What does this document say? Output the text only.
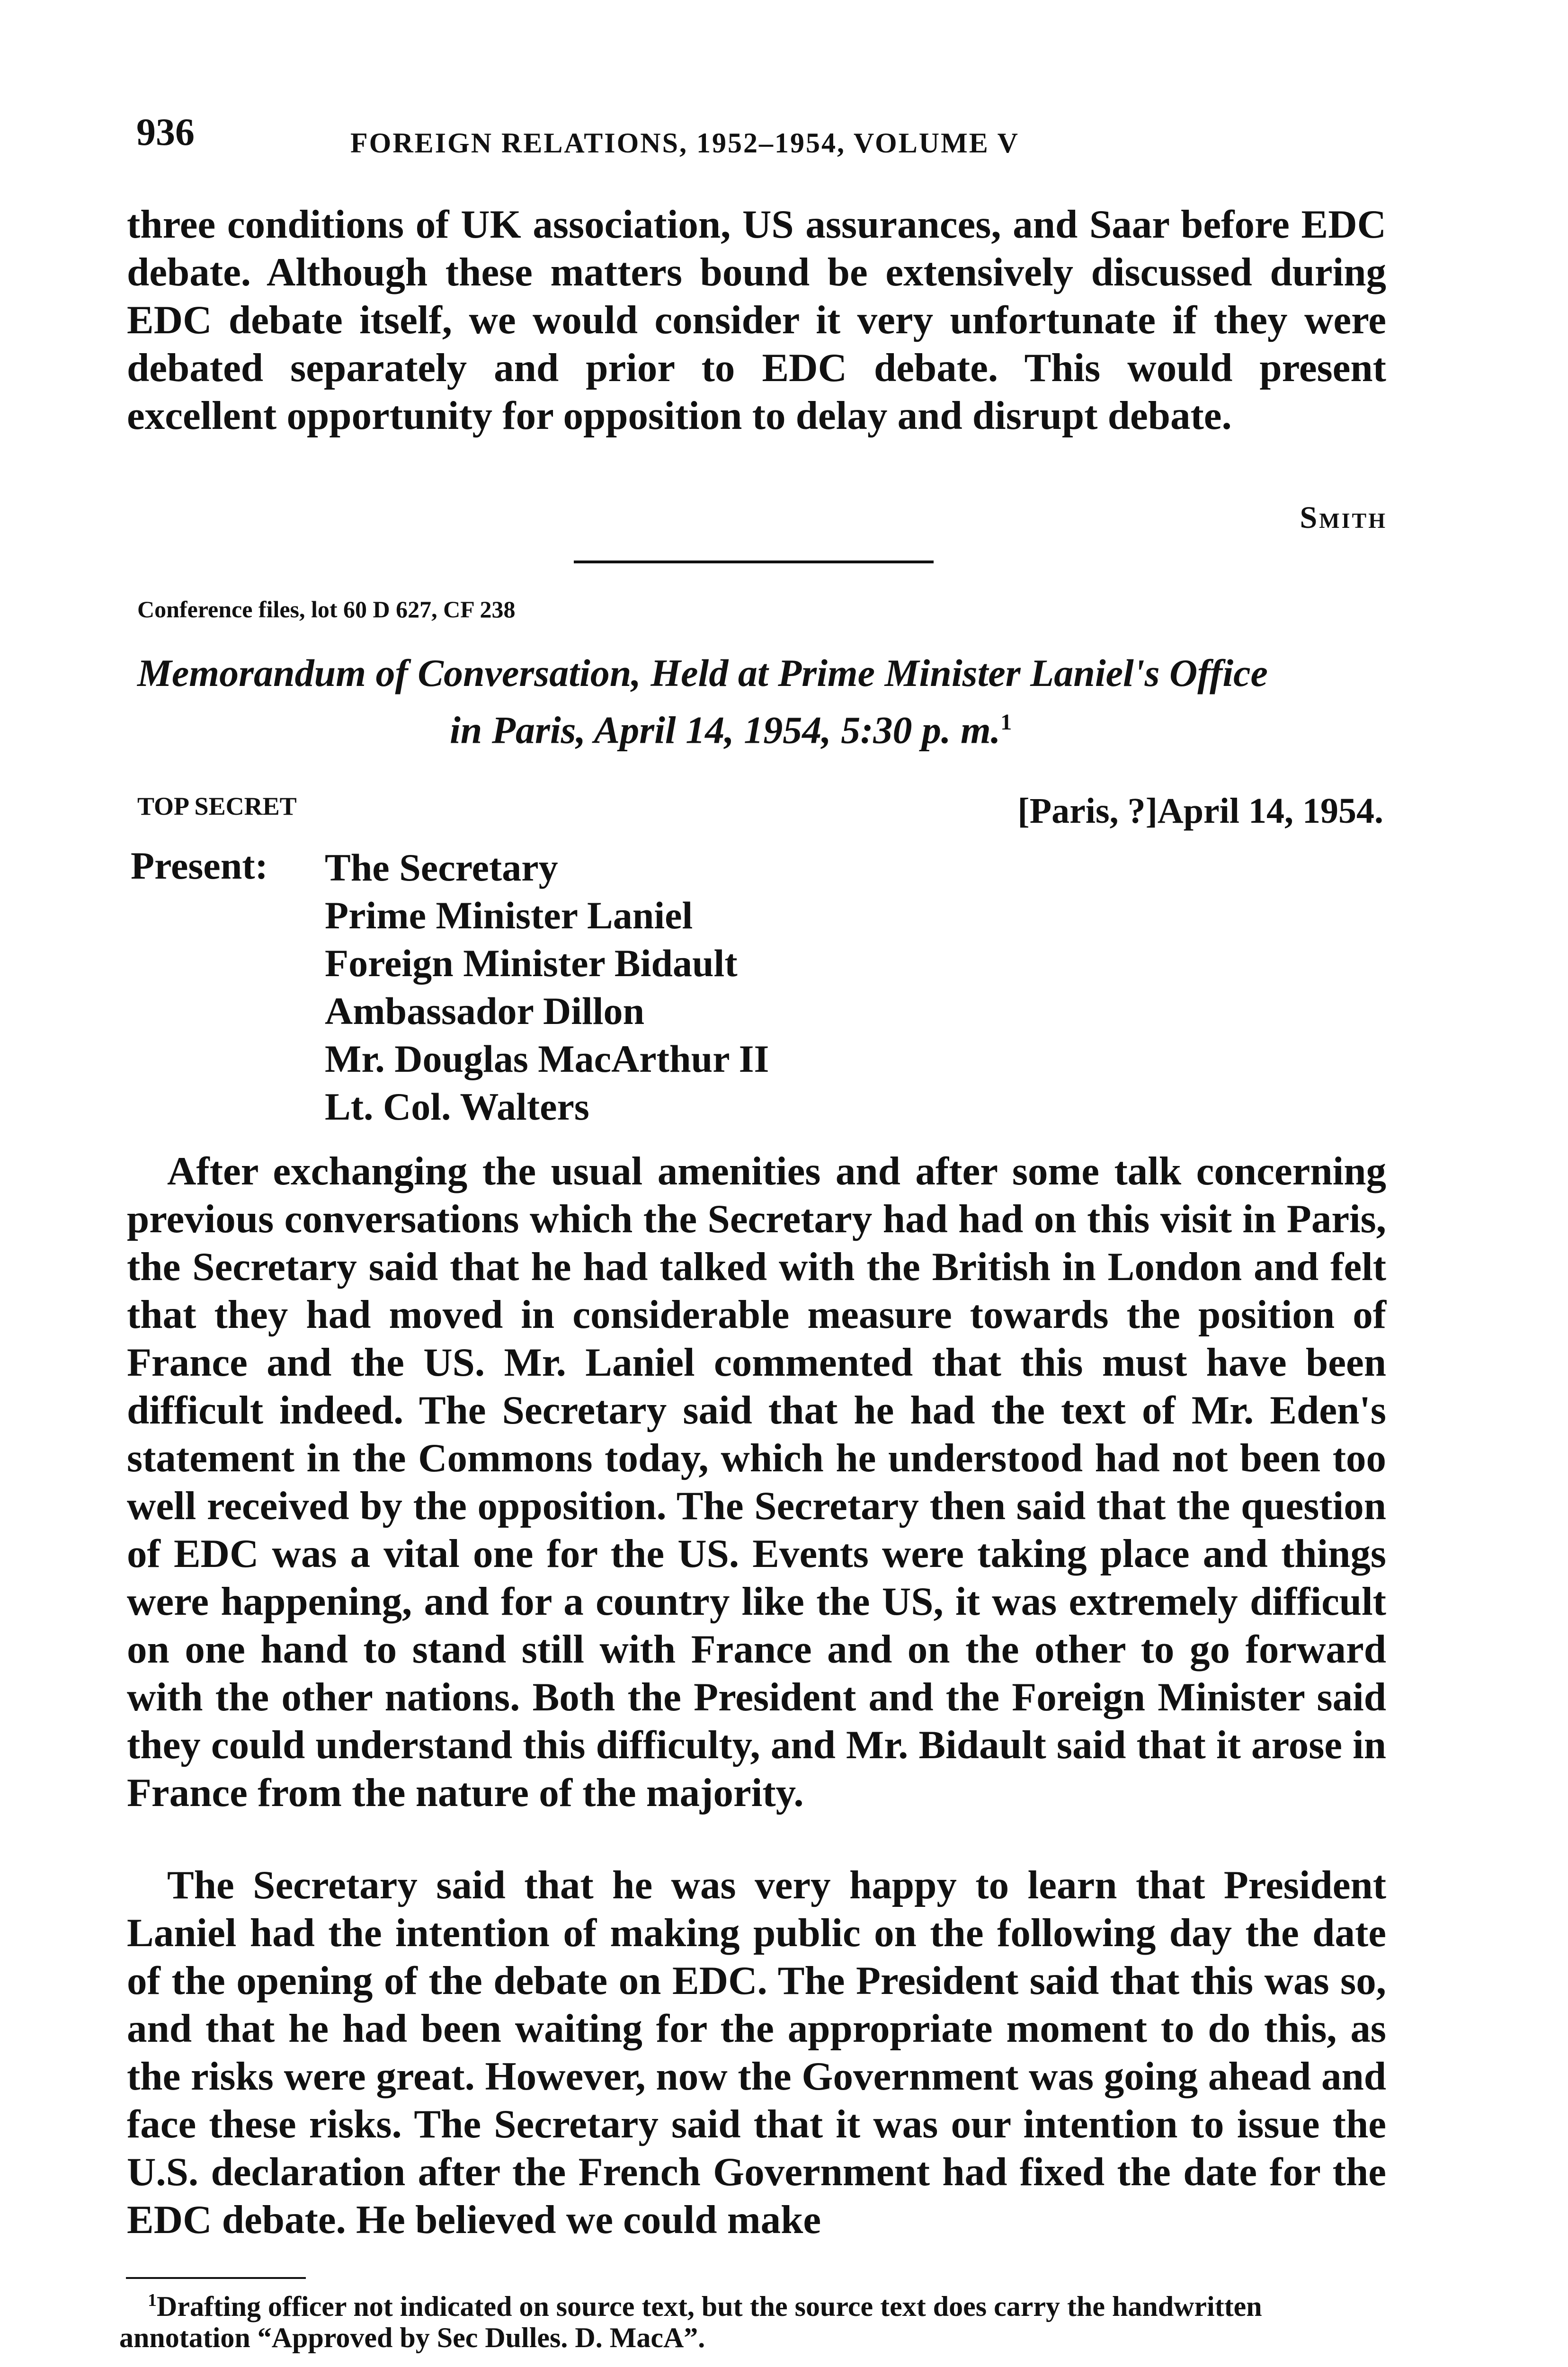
936	FOREIGN RELATIONS, 1952–1954, VOLUME V

three conditions of UK association, US assurances, and Saar before EDC debate. Although these matters bound be extensively discussed during EDC debate itself, we would consider it very unfortunate if they were debated separately and prior to EDC debate. This would present excellent opportunity for opposition to delay and disrupt debate.

Smith
Conference files, lot 60 D 627, CF 238
Memorandum of Conversation, Held at Prime Minister Laniel's Office
in Paris, April 14, 1954, 5:30 p. m.$^1$
TOP SECRET	[Paris, ?]April 14, 1954.
Present: The Secretary
Prime Minister Laniel
Foreign Minister Bidault
Ambassador Dillon
Mr. Douglas MacArthur II
Lt. Col. Walters

After exchanging the usual amenities and after some talk concerning previous conversations which the Secretary had had on this visit in Paris, the Secretary said that he had talked with the British in London and felt that they had moved in considerable measure towards the position of France and the US. Mr. Laniel commented that this must have been difficult indeed. The Secretary said that he had the text of Mr. Eden's statement in the Commons today, which he understood had not been too well received by the opposition. The Secretary then said that the question of EDC was a vital one for the US. Events were taking place and things were happening, and for a country like the US, it was extremely difficult on one hand to stand still with France and on the other to go forward with the other nations. Both the President and the Foreign Minister said they could understand this difficulty, and Mr. Bidault said that it arose in France from the nature of the majority.

The Secretary said that he was very happy to learn that President Laniel had the intention of making public on the following day the date of the opening of the debate on EDC. The President said that this was so, and that he had been waiting for the appropriate moment to do this, as the risks were great. However, now the Government was going ahead and face these risks. The Secretary said that it was our intention to issue the U.S. declaration after the French Government had fixed the date for the EDC debate. He believed we could make

$^1$Drafting officer not indicated on source text, but the source text does carry the handwritten annotation “Approved by Sec Dulles. D. MacA”.
